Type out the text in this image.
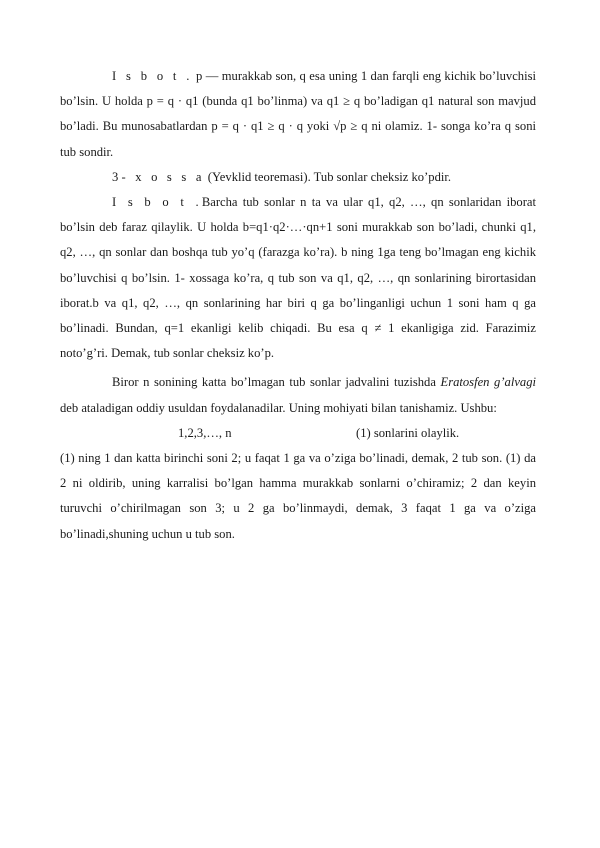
I s b o t . p — murakkab son, q esa uning 1 dan farqli eng kichik bo’luvchisi bo’lsin. U holda p = q · q1 (bunda q1 bo’linma) va q1 ≥ q bo’ladigan q1 natural son mavjud bo’ladi. Bu munosabatlardan p = q · q1 ≥ q · q yoki √p ≥ q ni olamiz. 1- songa ko’ra q soni tub sondir.

3- x o s s a (Yevklid teoremasi). Tub sonlar cheksiz ko’pdir.

I s b o t .Barcha tub sonlar n ta va ular q1, q2, …, qn sonlaridan iborat bo’lsin deb faraz qilaylik. U holda b=q1·q2·…·qn+1 soni murakkab son bo’ladi, chunki q1, q2, …, qn sonlar dan boshqa tub yo’q (farazga ko’ra). b ning 1ga teng bo’lmagan eng kichik bo’luvchisi q bo’lsin. 1- xossaga ko’ra, q tub son va q1, q2, …, qn sonlarining birortasidan iborat.b va q1, q2, …, qn sonlarining har biri q ga bo’linganligi uchun 1 soni ham q ga bo’linadi. Bundan, q=1 ekanligi kelib chiqadi. Bu esa q ≠ 1 ekanligiga zid. Farazimiz noto’g’ri. Demak, tub sonlar cheksiz ko’p.

Biror n sonining katta bo’lmagan tub sonlar jadvalini tuzishda Eratosfen g’alvagi deb ataladigan oddiy usuldan foydalanadilar. Uning mohiyati bilan tanishamiz. Ushbu:

1,2,3,…, n	(1) sonlarini olaylik.

(1) ning 1 dan katta birinchi soni 2; u faqat 1 ga va o’ziga bo’linadi, demak, 2 tub son. (1) da 2 ni oldirib, uning karralisi bo’lgan hamma murakkab sonlarni o’chiramiz; 2 dan keyin turuvchi o’chirilmagan son 3; u 2 ga bo’linmaydi, demak, 3 faqat 1 ga va o’ziga bo’linadi,shuning uchun u tub son.
